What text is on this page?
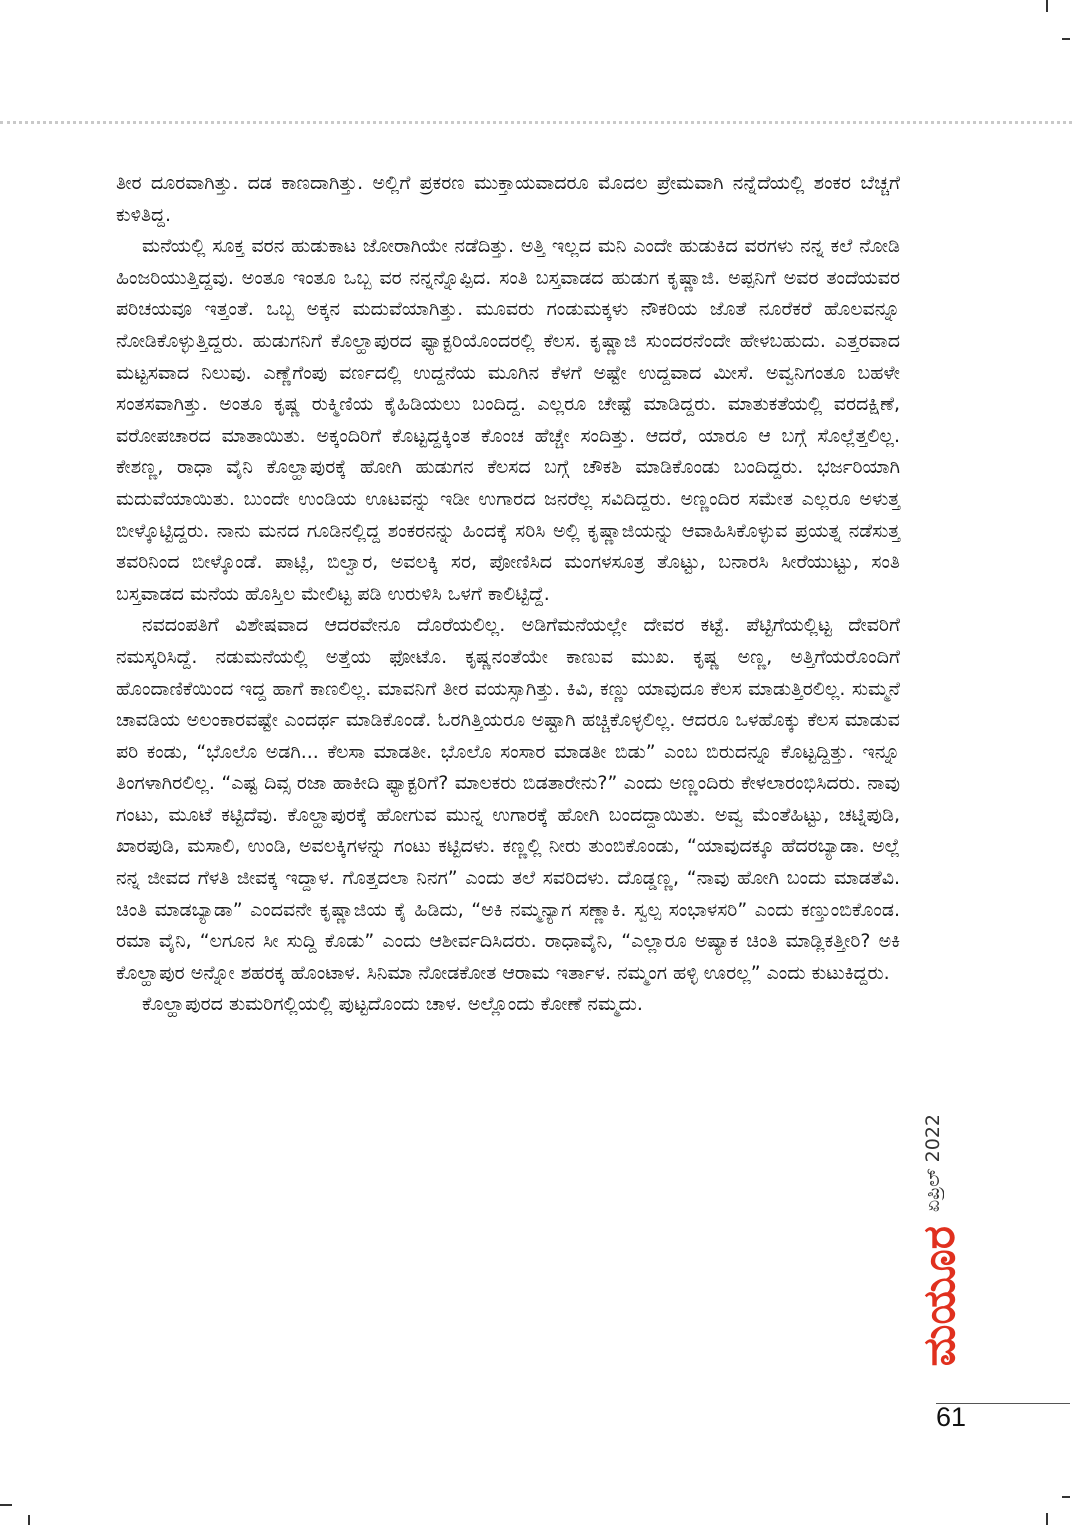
ತೀರ ದೂರವಾಗಿತ್ತು. ದಡ ಕಾಣದಾಗಿತ್ತು. ಅಲ್ಲಿಗೆ ಪ್ರಕರಣ ಮುಕ್ತಾಯವಾದರೂ ಮೊದಲ ಪ್ರೇಮವಾಗಿ ನನ್ನೆದೆಯಲ್ಲಿ ಶಂಕರ ಬೆಚ್ಚಗೆ ಕುಳಿತಿದ್ದ.

ಮನೆಯಲ್ಲಿ ಸೂಕ್ತ ವರನ ಹುಡುಕಾಟ ಜೋರಾಗಿಯೇ ನಡೆದಿತ್ತು. ಅತ್ತಿ ಇಲ್ಲದ ಮನಿ ಎಂದೇ ಹುಡುಕಿದ ವರಗಳು ನನ್ನ ಕಲೆ ನೋಡಿ ಹಿಂಜರಿಯುತ್ತಿದ್ದವು. ಅಂತೂ ಇಂತೂ ಒಬ್ಬ ವರ ನನ್ನನ್ನೊಪ್ಪಿದ. ಸಂತಿ ಬಸ್ತವಾಡದ ಹುಡುಗ ಕೃಷ್ಣಾಜಿ. ಅಪ್ಪನಿಗೆ ಅವರ ತಂದೆಯವರ ಪರಿಚಯವೂ ಇತ್ತಂತೆ. ಒಬ್ಬ ಅಕ್ಕನ ಮದುವೆಯಾಗಿತ್ತು. ಮೂವರು ಗಂಡುಮಕ್ಕಳು ನೌಕರಿಯ ಜೊತೆ ನೂರೆಕರೆ ಹೊಲವನ್ನೂ ನೋಡಿಕೊಳ್ಳುತ್ತಿದ್ದರು. ಹುಡುಗನಿಗೆ ಕೊಲ್ಹಾಪುರದ ಫ್ಯಾಕ್ಟರಿಯೊಂದರಲ್ಲಿ ಕೆಲಸ. ಕೃಷ್ಣಾಜಿ ಸುಂದರನೆಂದೇ ಹೇಳಬಹುದು. ಎತ್ತರವಾದ ಮಟ್ಟಸವಾದ ನಿಲುವು. ಎಣ್ಣೆಗೆಂಪು ವರ್ಣದಲ್ಲಿ ಉದ್ದನೆಯ ಮೂಗಿನ ಕೆಳಗೆ ಅಷ್ಟೇ ಉದ್ದವಾದ ಮೀಸೆ. ಅವ್ವನಿಗಂತೂ ಬಹಳೇ ಸಂತಸವಾಗಿತ್ತು. ಅಂತೂ ಕೃಷ್ಣ ರುಕ್ಮಿಣಿಯ ಕೈಹಿಡಿಯಲು ಬಂದಿದ್ದ. ಎಲ್ಲರೂ ಚೇಷ್ಟೆ ಮಾಡಿದ್ದರು. ಮಾತುಕತೆಯಲ್ಲಿ ವರದಕ್ಷಿಣೆ, ವರೋಪಚಾರದ ಮಾತಾಯಿತು. ಅಕ್ಕಂದಿರಿಗೆ ಕೊಟ್ಟದ್ದಕ್ಕಿಂತ ಕೊಂಚ ಹೆಚ್ಚೇ ಸಂದಿತ್ತು. ಆದರೆ, ಯಾರೂ ಆ ಬಗ್ಗೆ ಸೊಲ್ಲೆತ್ತಲಿಲ್ಲ. ಕೇಶಣ್ಣ, ರಾಧಾ ವೈನಿ ಕೊಲ್ಹಾಪುರಕ್ಕೆ ಹೋಗಿ ಹುಡುಗನ ಕೆಲಸದ ಬಗ್ಗೆ ಚೌಕಶಿ ಮಾಡಿಕೊಂಡು ಬಂದಿದ್ದರು. ಭರ್ಜರಿಯಾಗಿ ಮದುವೆಯಾಯಿತು. ಬುಂದೇ ಉಂಡಿಯ ಊಟವನ್ನು ಇಡೀ ಉಗಾರದ ಜನರೆಲ್ಲ ಸವಿದಿದ್ದರು. ಅಣ್ಣಂದಿರ ಸಮೇತ ಎಲ್ಲರೂ ಅಳುತ್ತ ಬೀಳ್ಕೊಟ್ಟಿದ್ದರು. ನಾನು ಮನದ ಗೂಡಿನಲ್ಲಿದ್ದ ಶಂಕರನನ್ನು ಹಿಂದಕ್ಕೆ ಸರಿಸಿ ಅಲ್ಲಿ ಕೃಷ್ಣಾಜಿಯನ್ನು ಆವಾಹಿಸಿಕೊಳ್ಳುವ ಪ್ರಯತ್ನ ನಡೆಸುತ್ತ ತವರಿನಿಂದ ಬೀಳ್ಕೊಂಡೆ. ಪಾಟ್ಲಿ, ಬಿಲ್ವಾರ, ಅವಲಕ್ಕಿ ಸರ, ಪೋಣಿಸಿದ ಮಂಗಳಸೂತ್ರ ತೊಟ್ಟು, ಬನಾರಸಿ ಸೀರೆಯುಟ್ಟು, ಸಂತಿ ಬಸ್ತವಾಡದ ಮನೆಯ ಹೊಸ್ತಿಲ ಮೇಲಿಟ್ಟ ಪಡಿ ಉರುಳಿಸಿ ಒಳಗೆ ಕಾಲಿಟ್ಟಿದ್ದೆ.

ನವದಂಪತಿಗೆ ವಿಶೇಷವಾದ ಆದರವೇನೂ ದೊರೆಯಲಿಲ್ಲ. ಅಡಿಗೆಮನೆಯಲ್ಲೇ ದೇವರ ಕಟ್ಟೆ. ಪೆಟ್ಟಿಗೆಯಲ್ಲಿಟ್ಟ ದೇವರಿಗೆ ನಮಸ್ಕರಿಸಿದ್ದೆ. ನಡುಮನೆಯಲ್ಲಿ ಅತ್ತೆಯ ಫೋಟೊ. ಕೃಷ್ಣನಂತೆಯೇ ಕಾಣುವ ಮುಖ. ಕೃಷ್ಣ ಅಣ್ಣ, ಅತ್ತಿಗೆಯರೊಂದಿಗೆ ಹೊಂದಾಣಿಕೆಯಿಂದ ಇದ್ದ ಹಾಗೆ ಕಾಣಲಿಲ್ಲ. ಮಾವನಿಗೆ ತೀರ ವಯಸ್ಸಾಗಿತ್ತು. ಕಿವಿ, ಕಣ್ಣು ಯಾವುದೂ ಕೆಲಸ ಮಾಡುತ್ತಿರಲಿಲ್ಲ. ಸುಮ್ಮನೆ ಚಾವಡಿಯ ಅಲಂಕಾರವಷ್ಟೇ ಎಂದರ್ಥ ಮಾಡಿಕೊಂಡೆ. ಓರಗಿತ್ತಿಯರೂ ಅಷ್ಟಾಗಿ ಹಚ್ಚಿಕೊಳ್ಳಲಿಲ್ಲ. ಆದರೂ ಒಳಹೊಕ್ಕು ಕೆಲಸ ಮಾಡುವ ಪರಿ ಕಂಡು, “ಭೊಲೊ ಅಡಗಿ... ಕೆಲಸಾ ಮಾಡತೀ. ಭೊಲೊ ಸಂಸಾರ ಮಾಡತೀ ಬಿಡು” ಎಂಬ ಬಿರುದನ್ನೂ ಕೊಟ್ಟದ್ದಿತ್ತು. ಇನ್ನೂ ತಿಂಗಳಾಗಿರಲಿಲ್ಲ. “ಎಷ್ಟ ದಿವ್ಸ ರಜಾ ಹಾಕೀದಿ ಫ್ಯಾಕ್ಟರಿಗೆ? ಮಾಲಕರು ಬಿಡತಾರೇನು?” ಎಂದು ಅಣ್ಣಂದಿರು ಕೇಳಲಾರಂಭಿಸಿದರು. ನಾವು ಗಂಟು, ಮೂಟೆ ಕಟ್ಟಿದೆವು. ಕೊಲ್ಹಾಪುರಕ್ಕೆ ಹೋಗುವ ಮುನ್ನ ಉಗಾರಕ್ಕೆ ಹೋಗಿ ಬಂದದ್ದಾಯಿತು. ಅವ್ವ ಮೆಂತೆಹಿಟ್ಟು, ಚಟ್ನಿಪುಡಿ, ಖಾರಪುಡಿ, ಮಸಾಲಿ, ಉಂಡಿ, ಅವಲಕ್ಕಿಗಳನ್ನು ಗಂಟು ಕಟ್ಟಿದಳು. ಕಣ್ಣಲ್ಲಿ ನೀರು ತುಂಬಿಕೊಂಡು, “ಯಾವುದಕ್ಕೂ ಹೆದರಬ್ಯಾಡಾ. ಅಲ್ಲೆ ನನ್ನ ಜೀವದ ಗೆಳತಿ ಜೀವಕ್ಕ ಇದ್ದಾಳ. ಗೊತ್ತದಲಾ ನಿನಗ” ಎಂದು ತಲೆ ಸವರಿದಳು. ದೊಡ್ಡಣ್ಣ, “ನಾವು ಹೋಗಿ ಬಂದು ಮಾಡತೆವಿ. ಚಿಂತಿ ಮಾಡಬ್ಯಾಡಾ” ಎಂದವನೇ ಕೃಷ್ಣಾಜಿಯ ಕೈ ಹಿಡಿದು, “ಅಕಿ ನಮ್ಮನ್ಯಾಗ ಸಣ್ಣಾಕಿ. ಸ್ವಲ್ಪ ಸಂಭಾಳಸರಿ” ಎಂದು ಕಣ್ತುಂಬಿಕೊಂಡ. ರಮಾ ವೈನಿ, “ಲಗೂನ ಸೀ ಸುದ್ದಿ ಕೊಡು” ಎಂದು ಆಶೀರ್ವದಿಸಿದರು. ರಾಧಾವೈನಿ, “ಎಲ್ಲಾರೂ ಅಷ್ಯಾಕ ಚಿಂತಿ ಮಾಡ್ಲಿಕತ್ತೀರಿ? ಅಕಿ ಕೊಲ್ಹಾಪುರ ಅನ್ನೋ ಶಹರಕ್ಕ ಹೊಂಟಾಳ. ಸಿನಿಮಾ ನೋಡಕೋತ ಆರಾಮ ಇರ್ತಾಳ. ನಮ್ಮಂಗ ಹಳ್ಳಿ ಊರಲ್ಲ” ಎಂದು ಕುಟುಕಿದ್ದರು.

ಕೊಲ್ಹಾಪುರದ ತುಮರಿಗಲ್ಲಿಯಲ್ಲಿ ಪುಟ್ಟದೊಂದು ಚಾಳ. ಅಲ್ಲೊಂದು ಕೋಣೆ ನಮ್ಮದು.

ಏಪ್ರಿಲ್ 2022
ಮಯೂರ
61
